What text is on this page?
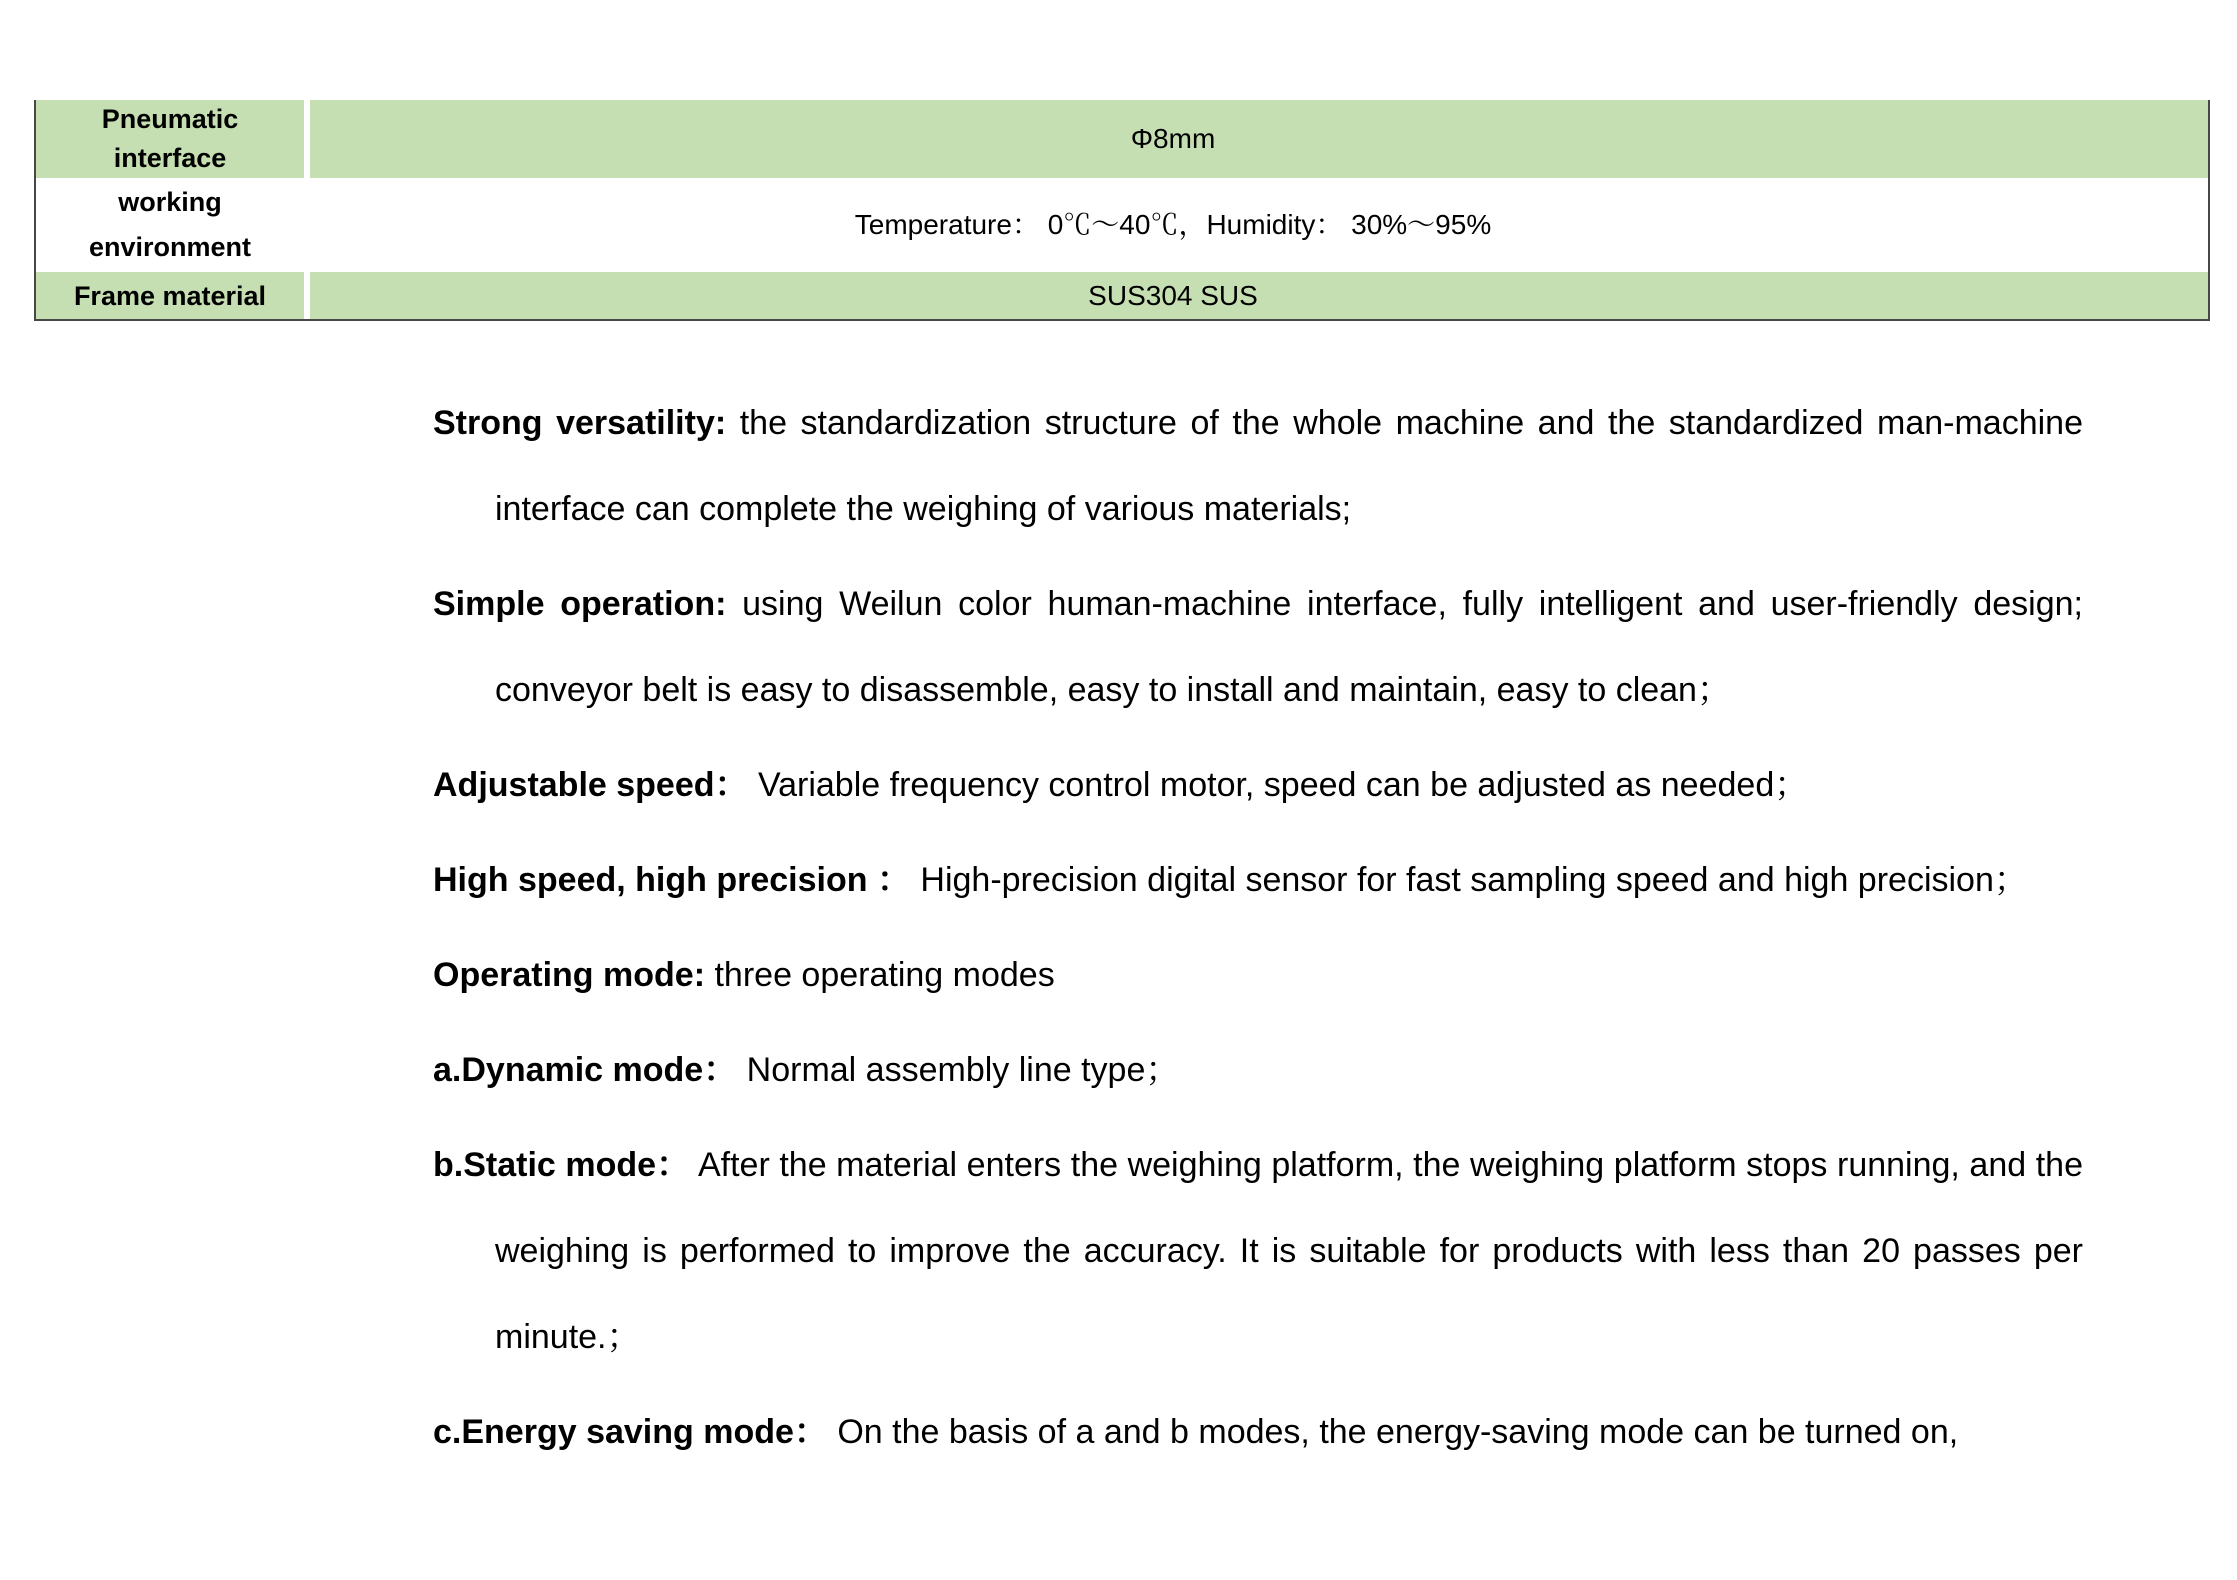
Pneumatic interface
Φ8mm
working environment
Temperature： 0℃～40℃，Humidity： 30%～95%
Frame material	SUS304 SUS

Strong versatility: the standardization structure of the whole machine and the standardized man-machine interface can complete the weighing of various materials;

Simple operation: using Weilun color human-machine interface, fully intelligent and user-friendly design; conveyor belt is easy to disassemble, easy to install and maintain, easy to clean；

Adjustable speed： Variable frequency control motor, speed can be adjusted as needed；

High speed, high precision ： High-precision digital sensor for fast sampling speed and high precision；

Operating mode: three operating modes

a.Dynamic mode： Normal assembly line type；

b.Static mode： After the material enters the weighing platform, the weighing platform stops running, and the weighing is performed to improve the accuracy. It is suitable for products with less than 20 passes per minute.；

c.Energy saving mode： On the basis of a and b modes, the energy-saving mode can be turned on,
